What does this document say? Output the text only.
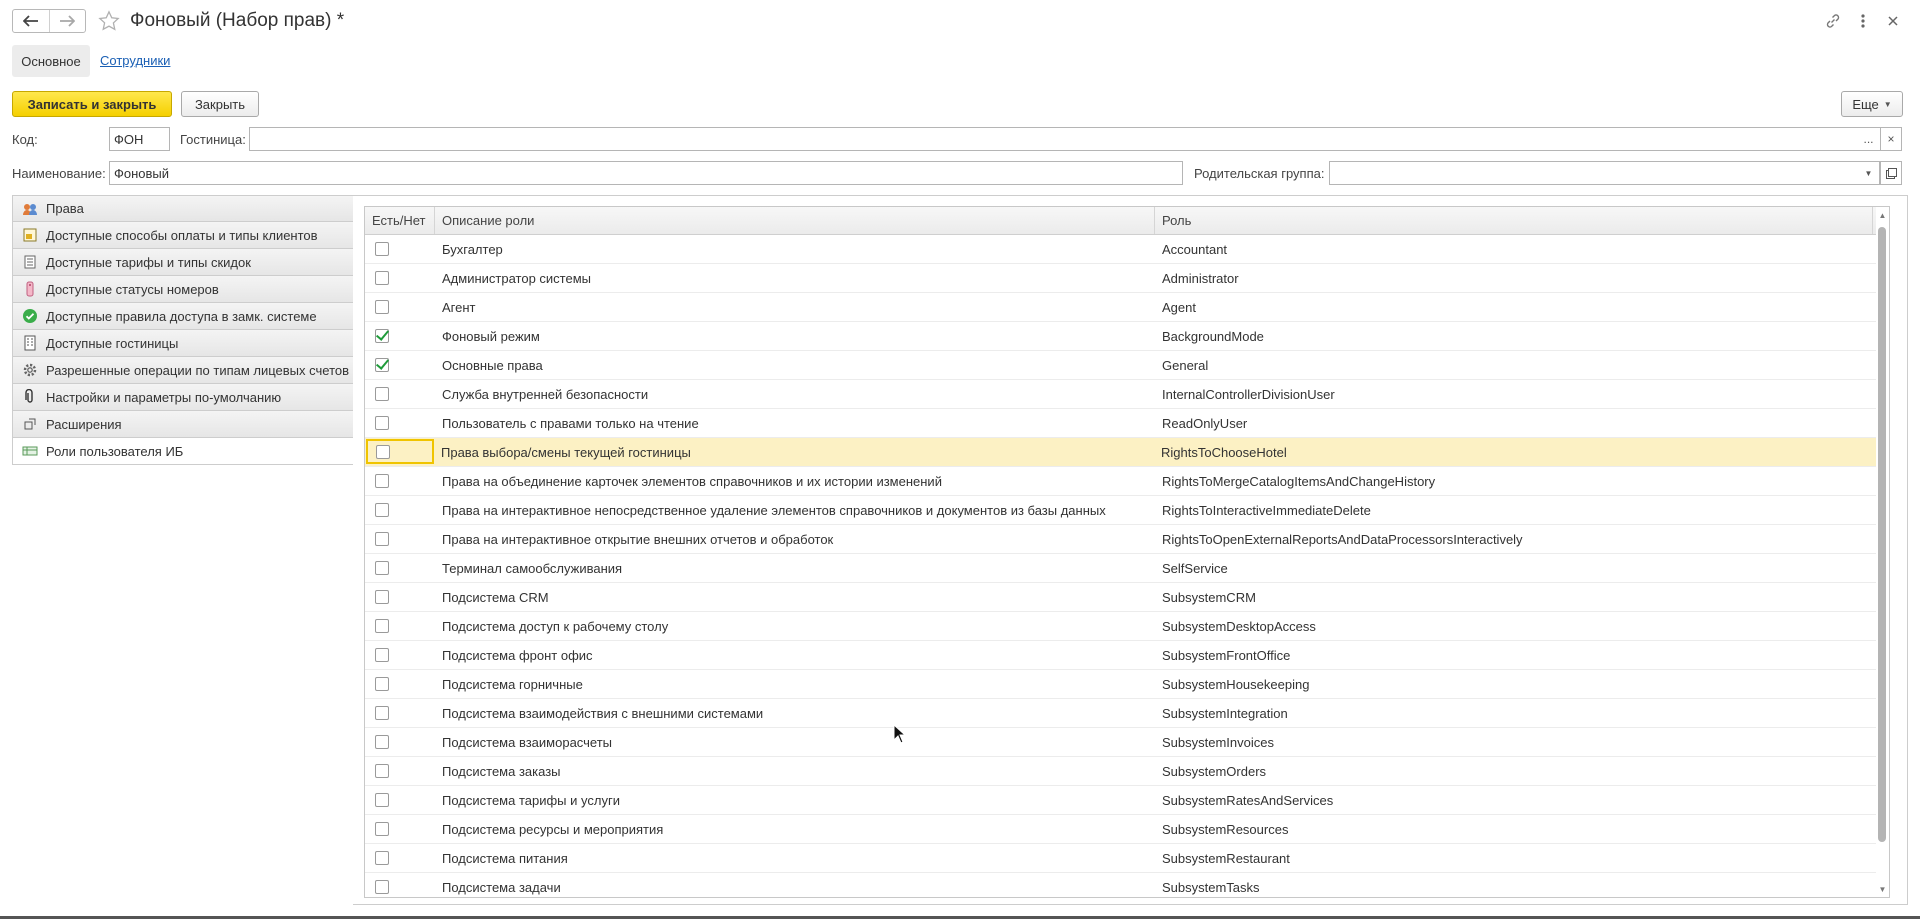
Фоновый (Набор прав) *
Основное	Сотрудники
Записать и закрыть	Закрыть	Еще ▼
Код:	ФОН	Гостиница:	... ×
Наименование: Фоновый	Родительская группа:	▼
Права
Доступные способы оплаты и типы клиентов
Доступные тарифы и типы скидок
Доступные статусы номеров
Доступные правила доступа в замк. системе
Доступные гостиницы
Разрешенные операции по типам лицевых счетов
Настройки и параметры по-умолчанию
Расширения
Роли пользователя ИБ
Есть/Нет	Описание роли	Роль
Бухгалтер	Accountant
Администратор системы	Administrator
Агент	Agent
Фоновый режим	BackgroundMode
Основные права	General
Служба внутренней безопасности	InternalControllerDivisionUser
Пользователь с правами только на чтение	ReadOnlyUser
Права выбора/смены текущей гостиницы	RightsToChooseHotel
Права на объединение карточек элементов справочников и их истории изменений	RightsToMergeCatalogItemsAndChangeHistory
Права на интерактивное непосредственное удаление элементов справочников и документов из базы данных	RightsToInteractiveImmediateDelete
Права на интерактивное открытие внешних отчетов и обработок	RightsToOpenExternalReportsAndDataProcessorsInteractively
Терминал самообслуживания	SelfService
Подсистема CRM	SubsystemCRM
Подсистема доступ к рабочему столу	SubsystemDesktopAccess
Подсистема фронт офис	SubsystemFrontOffice
Подсистема горничные	SubsystemHousekeeping
Подсистема взаимодействия с внешними системами	SubsystemIntegration
Подсистема взаиморасчеты	SubsystemInvoices
Подсистема заказы	SubsystemOrders
Подсистема тарифы и услуги	SubsystemRatesAndServices
Подсистема ресурсы и мероприятия	SubsystemResources
Подсистема питания	SubsystemRestaurant
Подсистема задачи	SubsystemTasks
▲
▼
